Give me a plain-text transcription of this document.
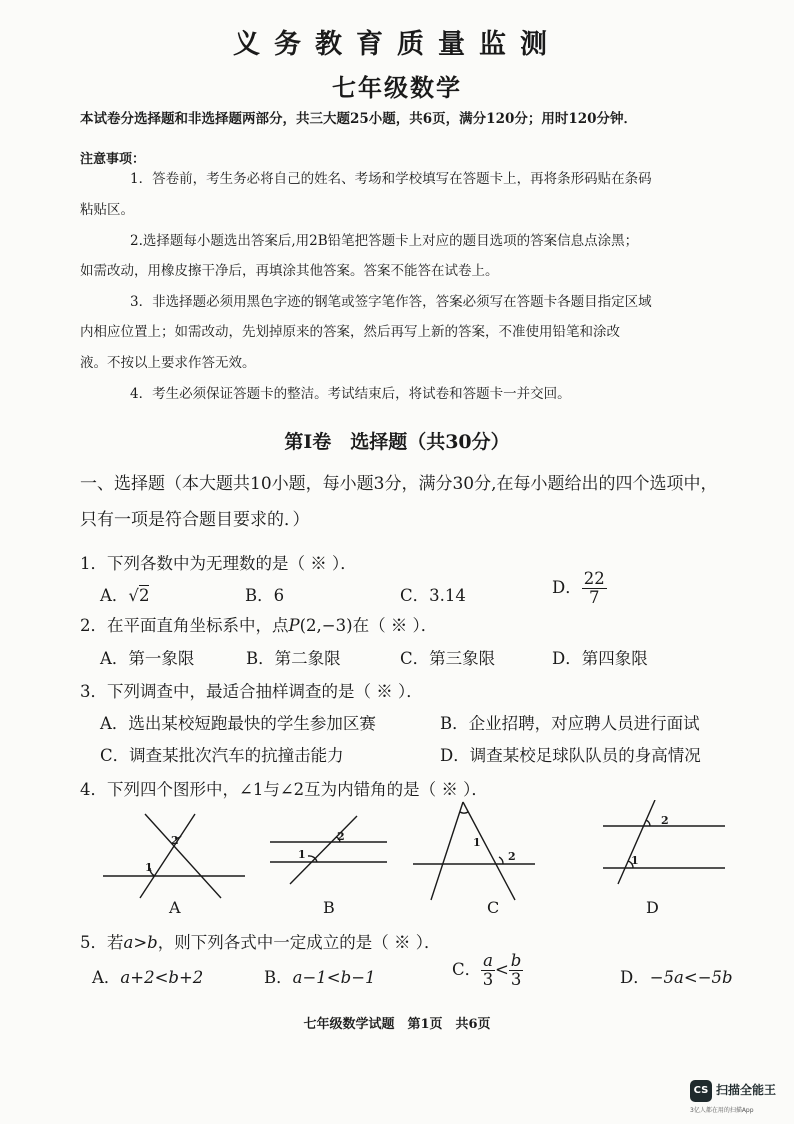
义务教育质量监测
七年级数学
本试卷分选择题和非选择题两部分，共三大题25小题，共6页，满分120分；用时120分钟．
注意事项：
1．答卷前，考生务必将自己的姓名、考场和学校填写在答题卡上，再将条形码贴在条码
粘贴区。
2.选择题每小题选出答案后,用2B铅笔把答题卡上对应的题目选项的答案信息点涂黑；
如需改动，用橡皮擦干净后，再填涂其他答案。答案不能答在试卷上。
3．非选择题必须用黑色字迹的钢笔或签字笔作答，答案必须写在答题卡各题目指定区域
内相应位置上；如需改动，先划掉原来的答案，然后再写上新的答案，不准使用铅笔和涂改
液。不按以上要求作答无效。
4．考生必须保证答题卡的整洁。考试结束后，将试卷和答题卡一并交回。
第Ⅰ卷　选择题（共30分）
一、选择题（本大题共10小题，每小题3分，满分30分,在每小题给出的四个选项中，只有一项是符合题目要求的．）
1．下列各数中为无理数的是（ ※ ）．
A．√2	B．6	C．3.14	D． $\frac{22}{7}$
2．在平面直角坐标系中，点P(2,−3)在（ ※ ）．
A．第一象限	B．第二象限	C．第三象限	D．第四象限
3．下列调查中，最适合抽样调查的是（ ※ ）．
A．选出某校短跑最快的学生参加区赛	B．企业招聘，对应聘人员进行面试
C．调查某批次汽车的抗撞击能力	D．调查某校足球队队员的身高情况
4．下列四个图形中，∠1与∠2互为内错角的是（ ※ ）．
1
2
1
2	1
2	1
2
A	B	C	D
5．若a>b，则下列各式中一定成立的是（ ※ ）．
A．a+2<b+2	B．a−1<b−1	C． $\frac{a}{3} < \frac{b}{3}$	D．−5a<−5b
七年级数学试题　第1页　共6页
CS 扫描全能王
3亿人都在用的扫描App
